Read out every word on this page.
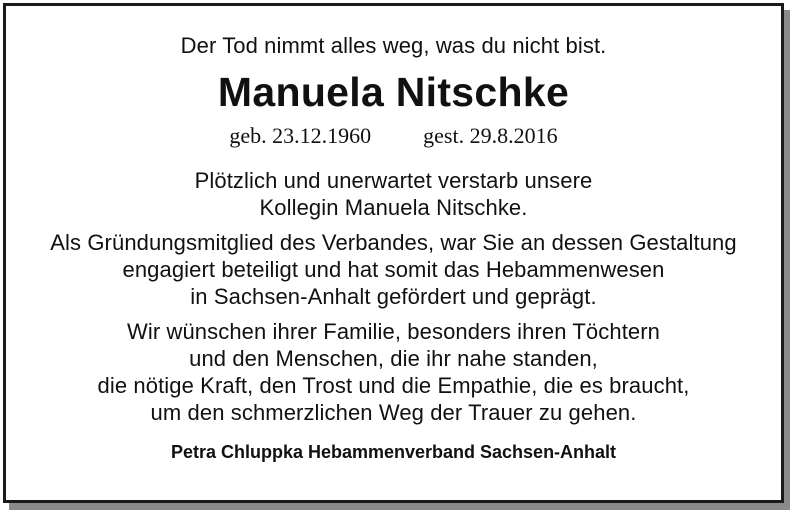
Der Tod nimmt alles weg, was du nicht bist.
Manuela Nitschke
geb. 23.12.1960 gest. 29.8.2016
Plötzlich und unerwartet verstarb unsere
Kollegin Manuela Nitschke.
Als Gründungsmitglied des Verbandes, war Sie an dessen Gestaltung
engagiert beteiligt und hat somit das Hebammenwesen
in Sachsen-Anhalt gefördert und geprägt.
Wir wünschen ihrer Familie, besonders ihren Töchtern
und den Menschen, die ihr nahe standen,
die nötige Kraft, den Trost und die Empathie, die es braucht,
um den schmerzlichen Weg der Trauer zu gehen.
Petra Chluppka Hebammenverband Sachsen-Anhalt
